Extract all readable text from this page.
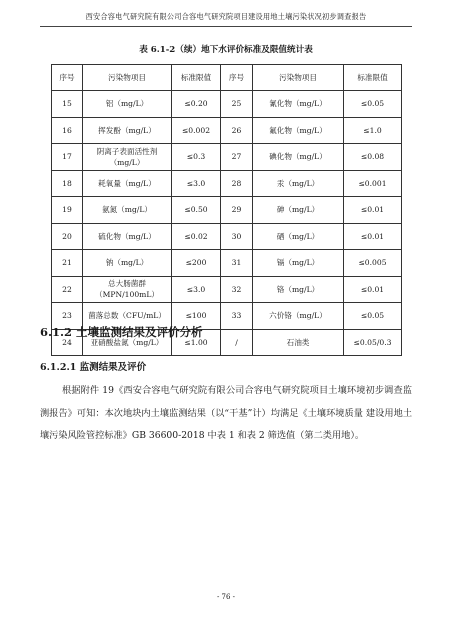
西安合容电气研究院有限公司合容电气研究院项目建设用地土壤污染状况初步调查报告
表 6.1-2（续）地下水评价标准及限值统计表
序号	污染物项目	标准限值	序号	污染物项目	标准限值
15	铝（mg/L）	≤0.20	25	氰化物（mg/L）	≤0.05
16	挥发酚（mg/L）	≤0.002	26	氟化物（mg/L）	≤1.0
17	阴离子表面活性剂（mg/L）	≤0.3	27	碘化物（mg/L）	≤0.08
18	耗氧量（mg/L）	≤3.0	28	汞（mg/L）	≤0.001
19	氨氮（mg/L）	≤0.50	29	砷（mg/L）	≤0.01
20	硫化物（mg/L）	≤0.02	30	硒（mg/L）	≤0.01
21	钠（mg/L）	≤200	31	镉（mg/L）	≤0.005
22	总大肠菌群（MPN/100mL）	≤3.0	32	铬（mg/L）	≤0.01
23	菌落总数（CFU/mL）	≤100	33	六价铬（mg/L）	≤0.05
24	亚硝酸盐氮（mg/L）	≤1.00	/	石油类	≤0.05/0.3
6.1.2 土壤监测结果及评价分析
6.1.2.1 监测结果及评价

根据附件 19《西安合容电气研究院有限公司合容电气研究院项目土壤环境初步调查监测报告》可知：本次地块内土壤监测结果（以“干基”计）均满足《土壤环境质量 建设用地土壤污染风险管控标准》GB 36600-2018 中表 1 和表 2 筛选值（第二类用地）。

- 76 -
